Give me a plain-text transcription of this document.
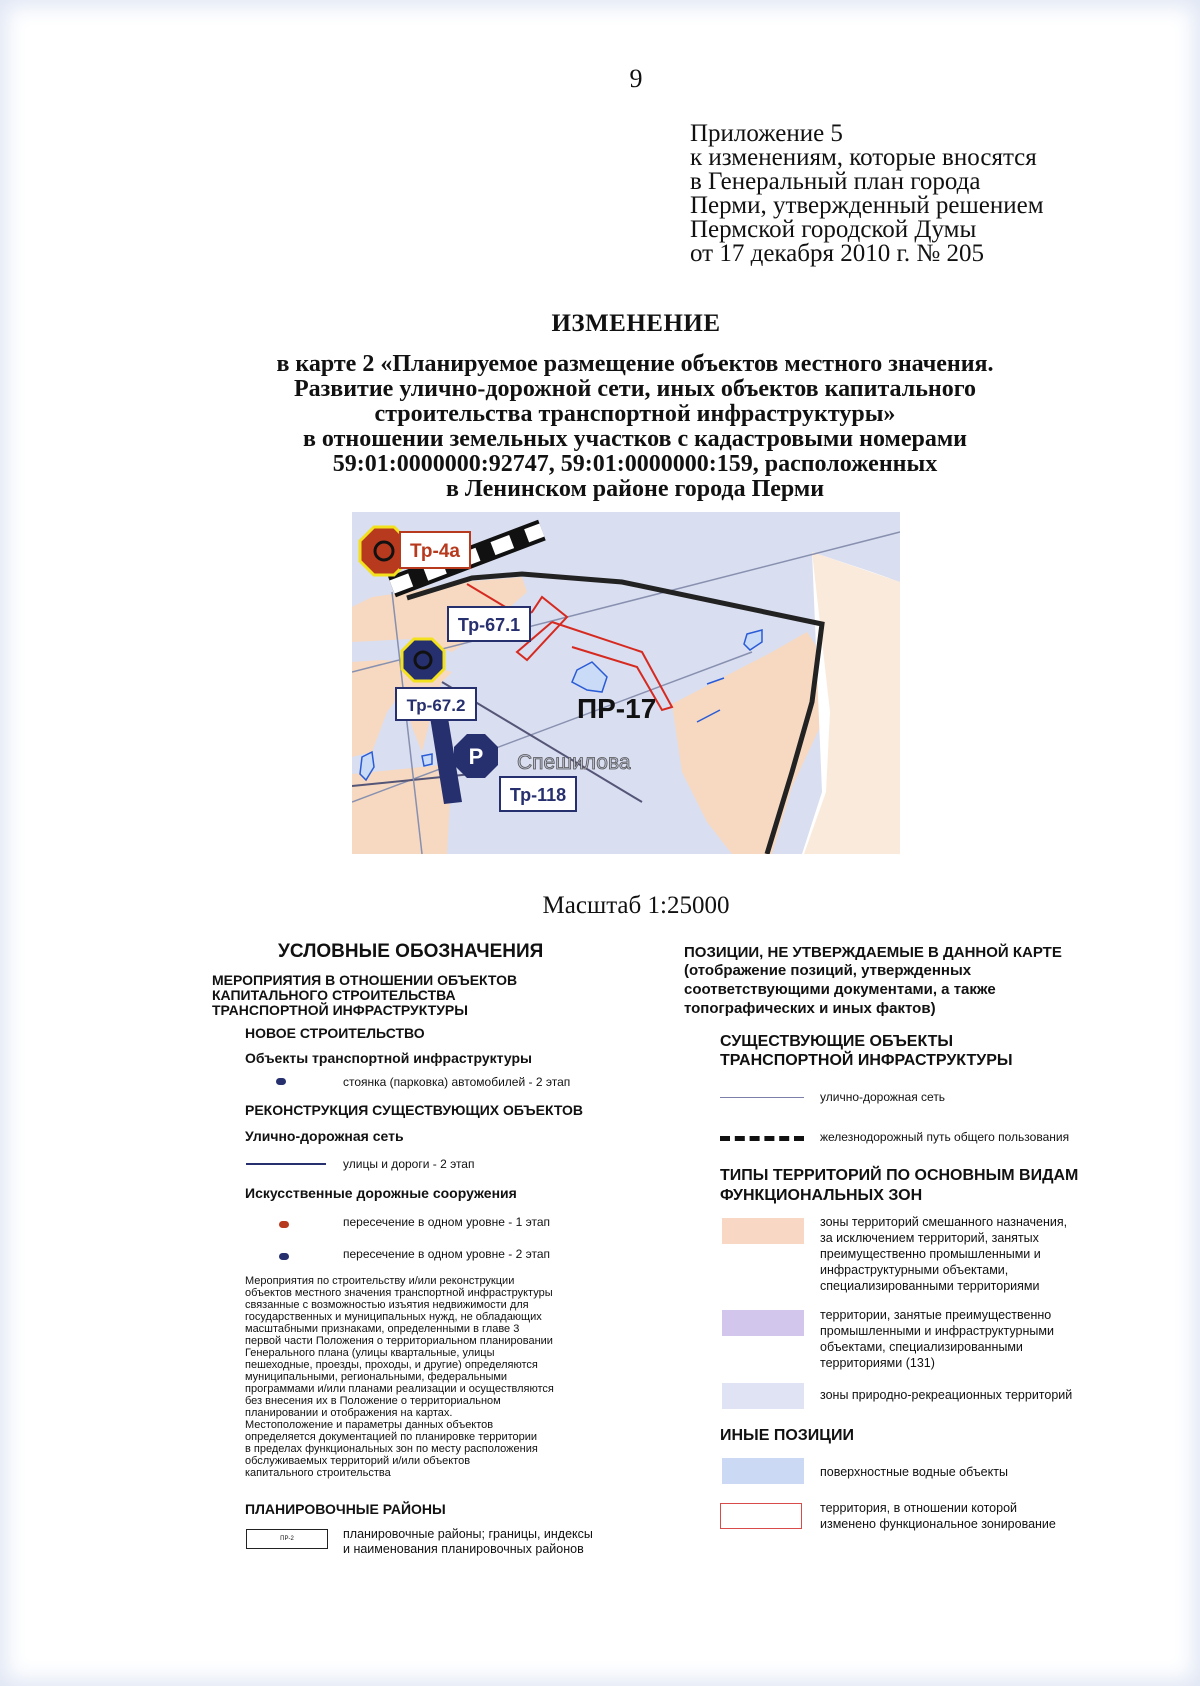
9
Приложение 5
к изменениям, которые вносятся
в Генеральный план города
Перми, утвержденный решением
Пермской городской Думы
от 17 декабря 2010 г. № 205
ИЗМЕНЕНИЕ
в карте 2 «Планируемое размещение объектов местного значения.
Развитие улично-дорожной сети, иных объектов капитального
строительства транспортной инфраструктуры»
в отношении земельных участков с кадастровыми номерами
59:01:0000000:92747, 59:01:0000000:159, расположенных
в Ленинском районе города Перми
Тр-4а
Тр-67.1
Тр-67.2
P
Тр-118
ПР-17
Спешилова
Масштаб 1:25000
УСЛОВНЫЕ ОБОЗНАЧЕНИЯ
МЕРОПРИЯТИЯ В ОТНОШЕНИИ ОБЪЕКТОВ
КАПИТАЛЬНОГО СТРОИТЕЛЬСТВА
ТРАНСПОРТНОЙ ИНФРАСТРУКТУРЫ
НОВОЕ СТРОИТЕЛЬСТВО
Объекты транспортной инфраструктуры
стоянка (парковка) автомобилей - 2 этап
РЕКОНСТРУКЦИЯ СУЩЕСТВУЮЩИХ ОБЪЕКТОВ
Улично-дорожная сеть
улицы и дороги - 2 этап
Искусственные дорожные сооружения
пересечение в одном уровне - 1 этап
пересечение в одном уровне - 2 этап
Мероприятия по строительству и/или реконструкции
объектов местного значения транспортной инфраструктуры
связанные с возможностью изъятия недвижимости для
государственных и муниципальных нужд, не обладающих
масштабными признаками, определенными в главе 3
первой части Положения о территориальном планировании
Генерального плана (улицы квартальные, улицы
пешеходные, проезды, проходы, и другие) определяются
муниципальными, региональными, федеральными
программами и/или планами реализации и осуществляются
без внесения их в Положение о территориальном
планировании и отображения на картах.
Местоположение и параметры данных объектов
определяется документацией по планировке территории
в пределах функциональных зон по месту расположения
обслуживаемых территорий и/или объектов
капитального строительства
ПЛАНИРОВОЧНЫЕ РАЙОНЫ
ПР-2	планировочные районы; границы, индексы
и наименования планировочных районов
ПОЗИЦИИ, НЕ УТВЕРЖДАЕМЫЕ В ДАННОЙ КАРТЕ
(отображение позиций, утвержденных
соответствующими документами, а также
топографических и иных фактов)
СУЩЕСТВУЮЩИЕ ОБЪЕКТЫ
ТРАНСПОРТНОЙ ИНФРАСТРУКТУРЫ
улично-дорожная сеть
железнодорожный путь общего пользования
ТИПЫ ТЕРРИТОРИЙ ПО ОСНОВНЫМ ВИДАМ
ФУНКЦИОНАЛЬНЫХ ЗОН
зоны территорий смешанного назначения,
за исключением территорий, занятых
преимущественно промышленными и
инфраструктурными объектами,
специализированными территориями
территории, занятые преимущественно
промышленными и инфраструктурными
объектами, специализированными
территориями (131)
зоны природно-рекреационных территорий
ИНЫЕ ПОЗИЦИИ
поверхностные водные объекты
территория, в отношении которой
изменено функциональное зонирование
